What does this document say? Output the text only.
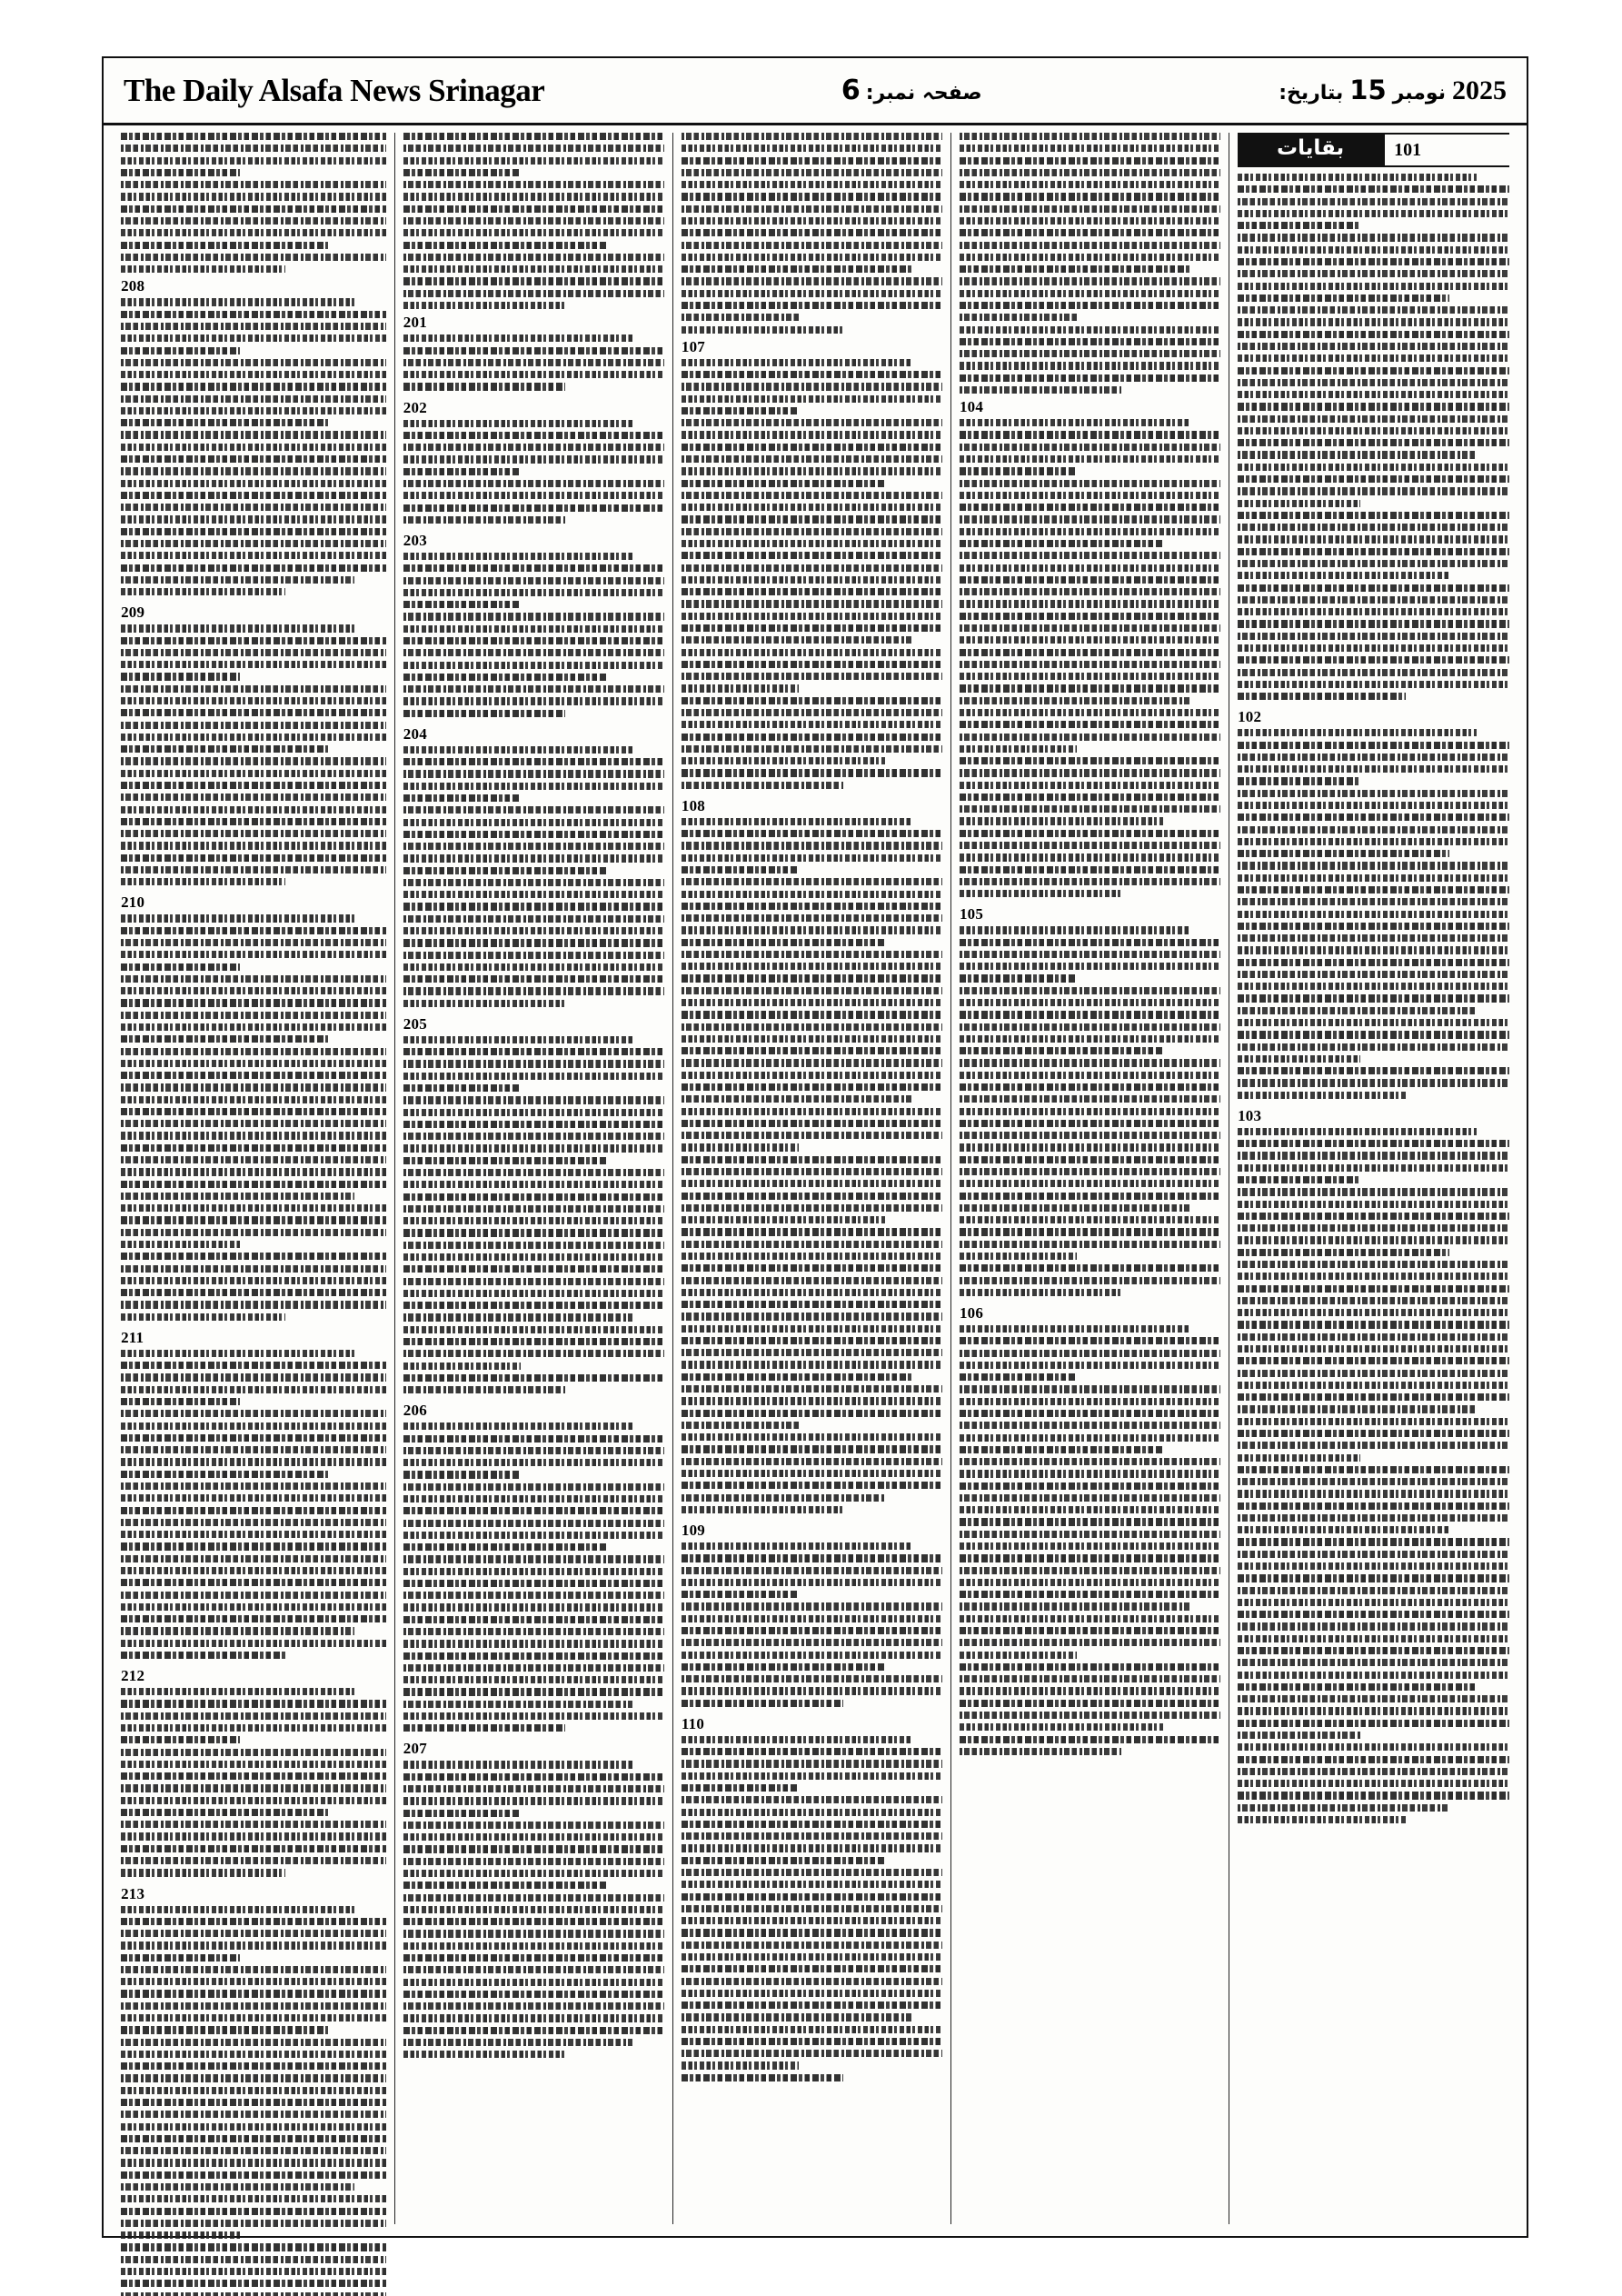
The Daily Alsafa News Srinagar	صفحہ نمبر:
6	2025
نومبر
15
بتاریخ:
بقایات	101
102
103
104
105
106
107
108
109
110
201
202
203
204
205
206
207
208
209
210
211
212
213
